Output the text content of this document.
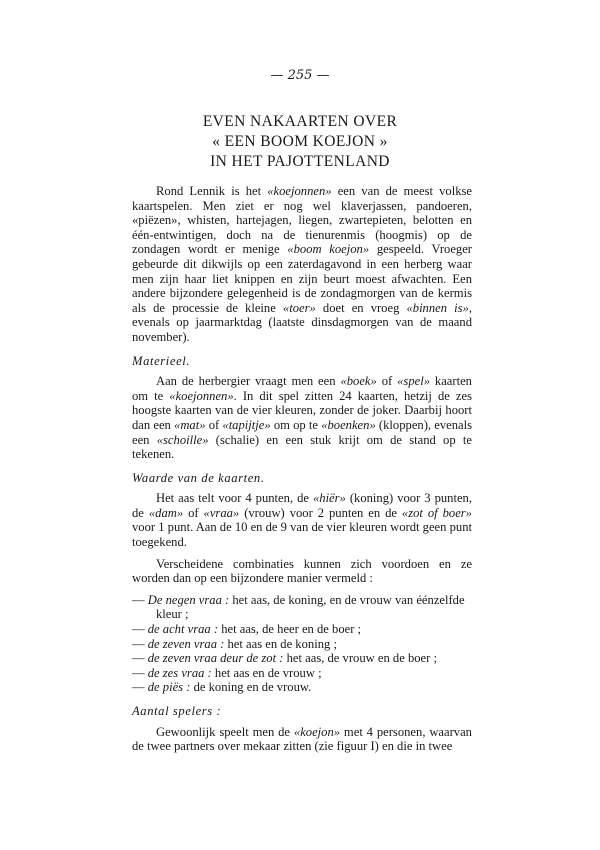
— 255 —
EVEN NAKAARTEN OVER
« EEN BOOM KOEJON »
IN HET PAJOTTENLAND

Rond Lennik is het «koejonnen» een van de meest volkse kaartspelen. Men ziet er nog wel klaverjassen, pandoeren, «piëzen», whisten, hartejagen, liegen, zwartepieten, belotten en één-entwintigen, doch na de tienurenmis (hoogmis) op de zondagen wordt er menige «boom koejon» gespeeld. Vroeger gebeurde dit dikwijls op een zaterdagavond in een herberg waar men zijn haar liet knippen en zijn beurt moest afwachten. Een andere bijzondere gelegenheid is de zondagmorgen van de kermis als de processie de kleine «toer» doet en vroeg «binnen is», evenals op jaarmarktdag (laatste dinsdagmorgen van de maand november).

Materieel.

Aan de herbergier vraagt men een «boek» of «spel» kaarten om te «koejonnen». In dit spel zitten 24 kaarten, hetzij de zes hoogste kaarten van de vier kleuren, zonder de joker. Daarbij hoort dan een «mat» of «tapijtje» om op te «boenken» (kloppen), evenals een «schoille» (schalie) en een stuk krijt om de stand op te tekenen.

Waarde van de kaarten.

Het aas telt voor 4 punten, de «hiër» (koning) voor 3 punten, de «dam» of «vraa» (vrouw) voor 2 punten en de «zot of boer» voor 1 punt. Aan de 10 en de 9 van de vier kleuren wordt geen punt toegekend.

Verscheidene combinaties kunnen zich voordoen en ze worden dan op een bijzondere manier vermeld :

— De negen vraa : het aas, de koning, en de vrouw van éénzelfde kleur ;
— de acht vraa : het aas, de heer en de boer ;
— de zeven vraa : het aas en de koning ;
— de zeven vraa deur de zot : het aas, de vrouw en de boer ;
— de zes vraa : het aas en de vrouw ;
— de piës : de koning en de vrouw.
Aantal spelers :

Gewoonlijk speelt men de «koejon» met 4 personen, waarvan de twee partners over mekaar zitten (zie figuur I) en die in twee
